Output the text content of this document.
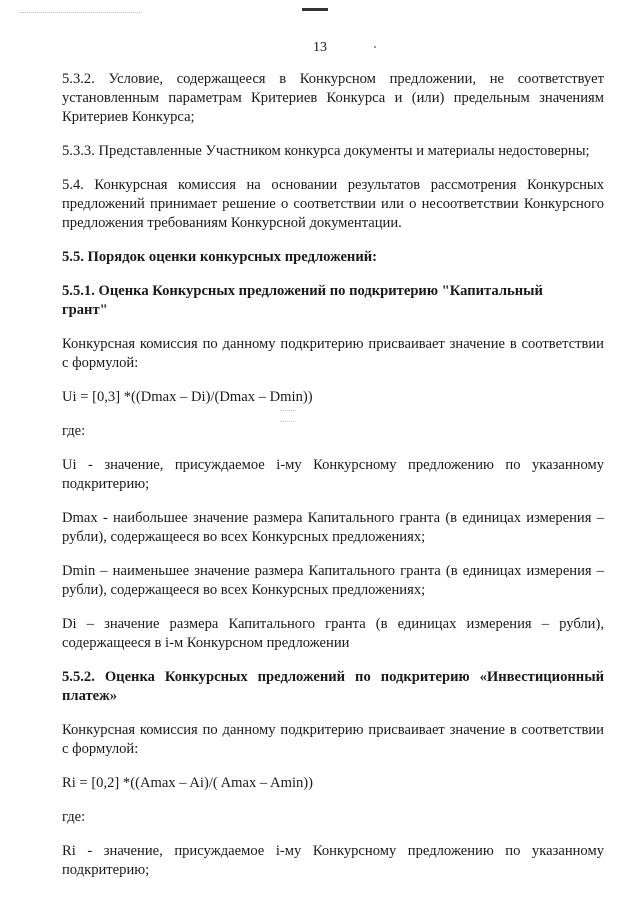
13

5.3.2. Условие, содержащееся в Конкурсном предложении, не соответствует установленным параметрам Критериев Конкурса и (или) предельным значениям Критериев Конкурса;

5.3.3. Представленные Участником конкурса документы и материалы недостоверны;

5.4. Конкурсная комиссия на основании результатов рассмотрения Конкурсных предложений принимает решение о соответствии или о несоответствии Конкурсного предложения требованиям Конкурсной документации.

5.5. Порядок оценки конкурсных предложений:

5.5.1. Оценка Конкурсных предложений по подкритерию "Капитальный грант"

Конкурсная комиссия по данному подкритерию присваивает значение в соответствии с формулой:

Ui = [0,3] *((Dmax – Di)/(Dmax – Dmin))

где:

Ui - значение, присуждаемое i-му Конкурсному предложению по указанному подкритерию;

Dmax - наибольшее значение размера Капитального гранта (в единицах измерения – рубли), содержащееся во всех Конкурсных предложениях;

Dmin – наименьшее значение размера Капитального гранта (в единицах измерения – рубли), содержащееся во всех Конкурсных предложениях;

Di – значение размера Капитального гранта (в единицах измерения – рубли), содержащееся в i-м Конкурсном предложении

5.5.2. Оценка Конкурсных предложений по подкритерию «Инвестиционный платеж»

Конкурсная комиссия по данному подкритерию присваивает значение в соответствии с формулой:

Ri = [0,2] *((Amax – Ai)/( Amax – Amin))

где:

Ri - значение, присуждаемое i-му Конкурсному предложению по указанному подкритерию;
